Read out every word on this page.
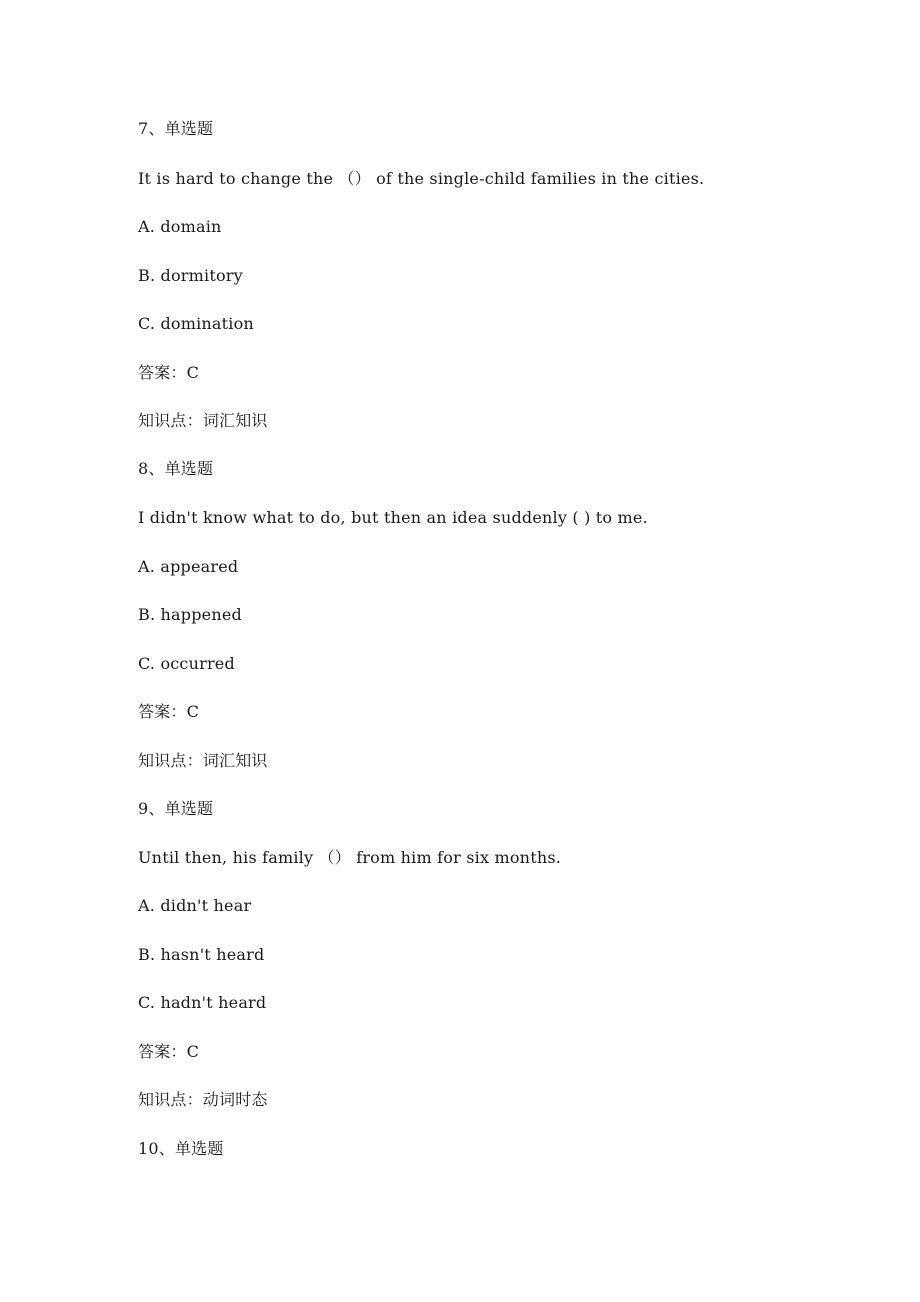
7、单选题
It is hard to change the （） of the single-child families in the cities.
A. domain
B. dormitory
C. domination
答案：C
知识点：词汇知识
8、单选题
I didn't know what to do, but then an idea suddenly ( ) to me.
A. appeared
B. happened
C. occurred
答案：C
知识点：词汇知识
9、单选题
Until then, his family （） from him for six months.
A. didn't hear
B. hasn't heard
C. hadn't heard
答案：C
知识点：动词时态
10、单选题
